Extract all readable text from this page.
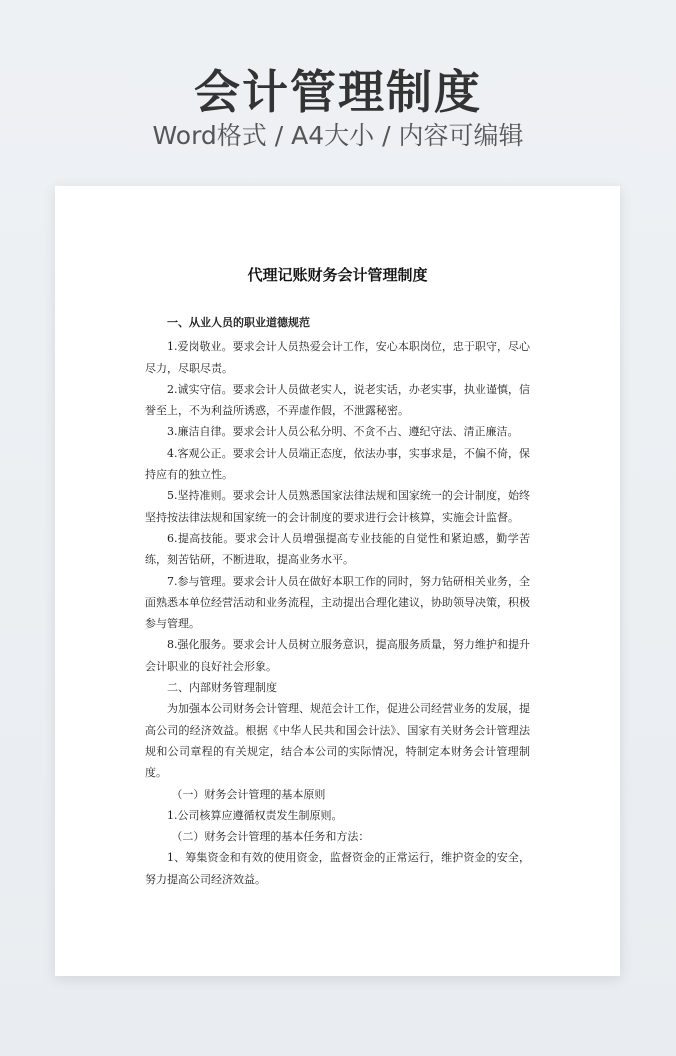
会计管理制度
Word格式 / A4大小 / 内容可编辑
代理记账财务会计管理制度

一、从业人员的职业道德规范

1.爱岗敬业。要求会计人员热爱会计工作，安心本职岗位，忠于职守，尽心尽力，尽职尽责。

2.诚实守信。要求会计人员做老实人，说老实话，办老实事，执业谨慎，信誉至上，不为利益所诱惑，不弄虚作假，不泄露秘密。

3.廉洁自律。要求会计人员公私分明、不贪不占、遵纪守法、清正廉洁。

4.客观公正。要求会计人员端正态度，依法办事，实事求是，不偏不倚，保持应有的独立性。

5.坚持准则。要求会计人员熟悉国家法律法规和国家统一的会计制度，始终坚持按法律法规和国家统一的会计制度的要求进行会计核算，实施会计监督。

6.提高技能。要求会计人员增强提高专业技能的自觉性和紧迫感，勤学苦练，刻苦钻研，不断进取，提高业务水平。

7.参与管理。要求会计人员在做好本职工作的同时，努力钻研相关业务，全面熟悉本单位经营活动和业务流程，主动提出合理化建议，协助领导决策，积极参与管理。

8.强化服务。要求会计人员树立服务意识，提高服务质量，努力维护和提升会计职业的良好社会形象。

二、内部财务管理制度

为加强本公司财务会计管理、规范会计工作，促进公司经营业务的发展，提高公司的经济效益。根据《中华人民共和国会计法》、国家有关财务会计管理法规和公司章程的有关规定，结合本公司的实际情况，特制定本财务会计管理制度。

（一）财务会计管理的基本原则

1.公司核算应遵循权责发生制原则。

（二）财务会计管理的基本任务和方法：

1、筹集资金和有效的使用资金，监督资金的正常运行，维护资金的安全，努力提高公司经济效益。
